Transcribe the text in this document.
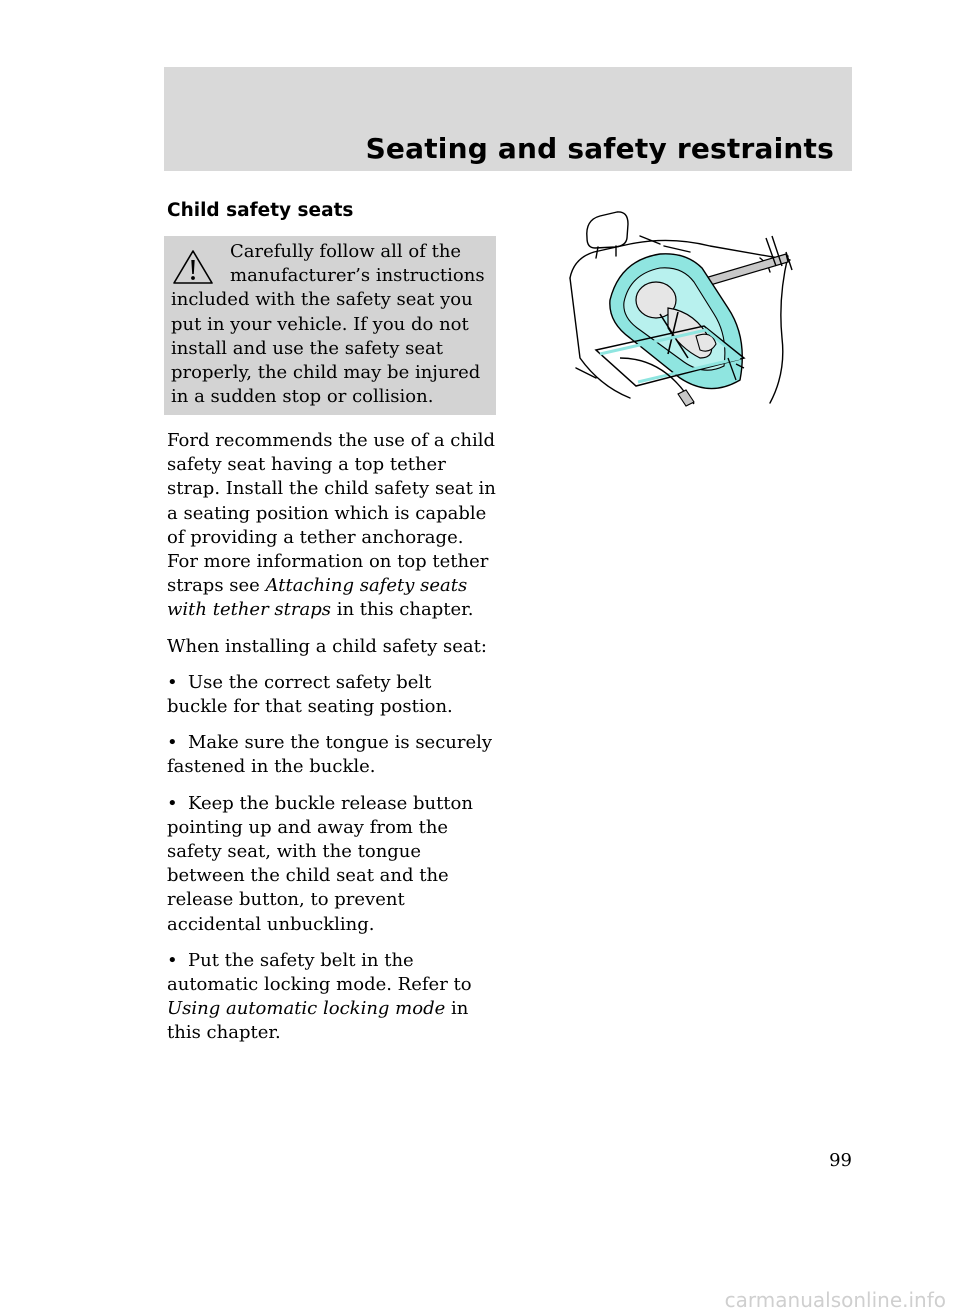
Seating and safety restraints
Child safety seats

Carefully follow all of the manufacturer’s instructions included with the safety seat you put in your vehicle. If you do not install and use the safety seat properly, the child may be injured in a sudden stop or collision.

Ford recommends the use of a child safety seat having a top tether strap. Install the child safety seat in a seating position which is capable of providing a tether anchorage. For more information on top tether straps see Attaching safety seats with tether straps in this chapter.

When installing a child safety seat:

• Use the correct safety belt buckle for that seating postion.

• Make sure the tongue is securely fastened in the buckle.

• Keep the buckle release button pointing up and away from the safety seat, with the tongue between the child seat and the release button, to prevent accidental unbuckling.

• Put the safety belt in the automatic locking mode. Refer to Using automatic locking mode in this chapter.

99
carmanualsonline.info
